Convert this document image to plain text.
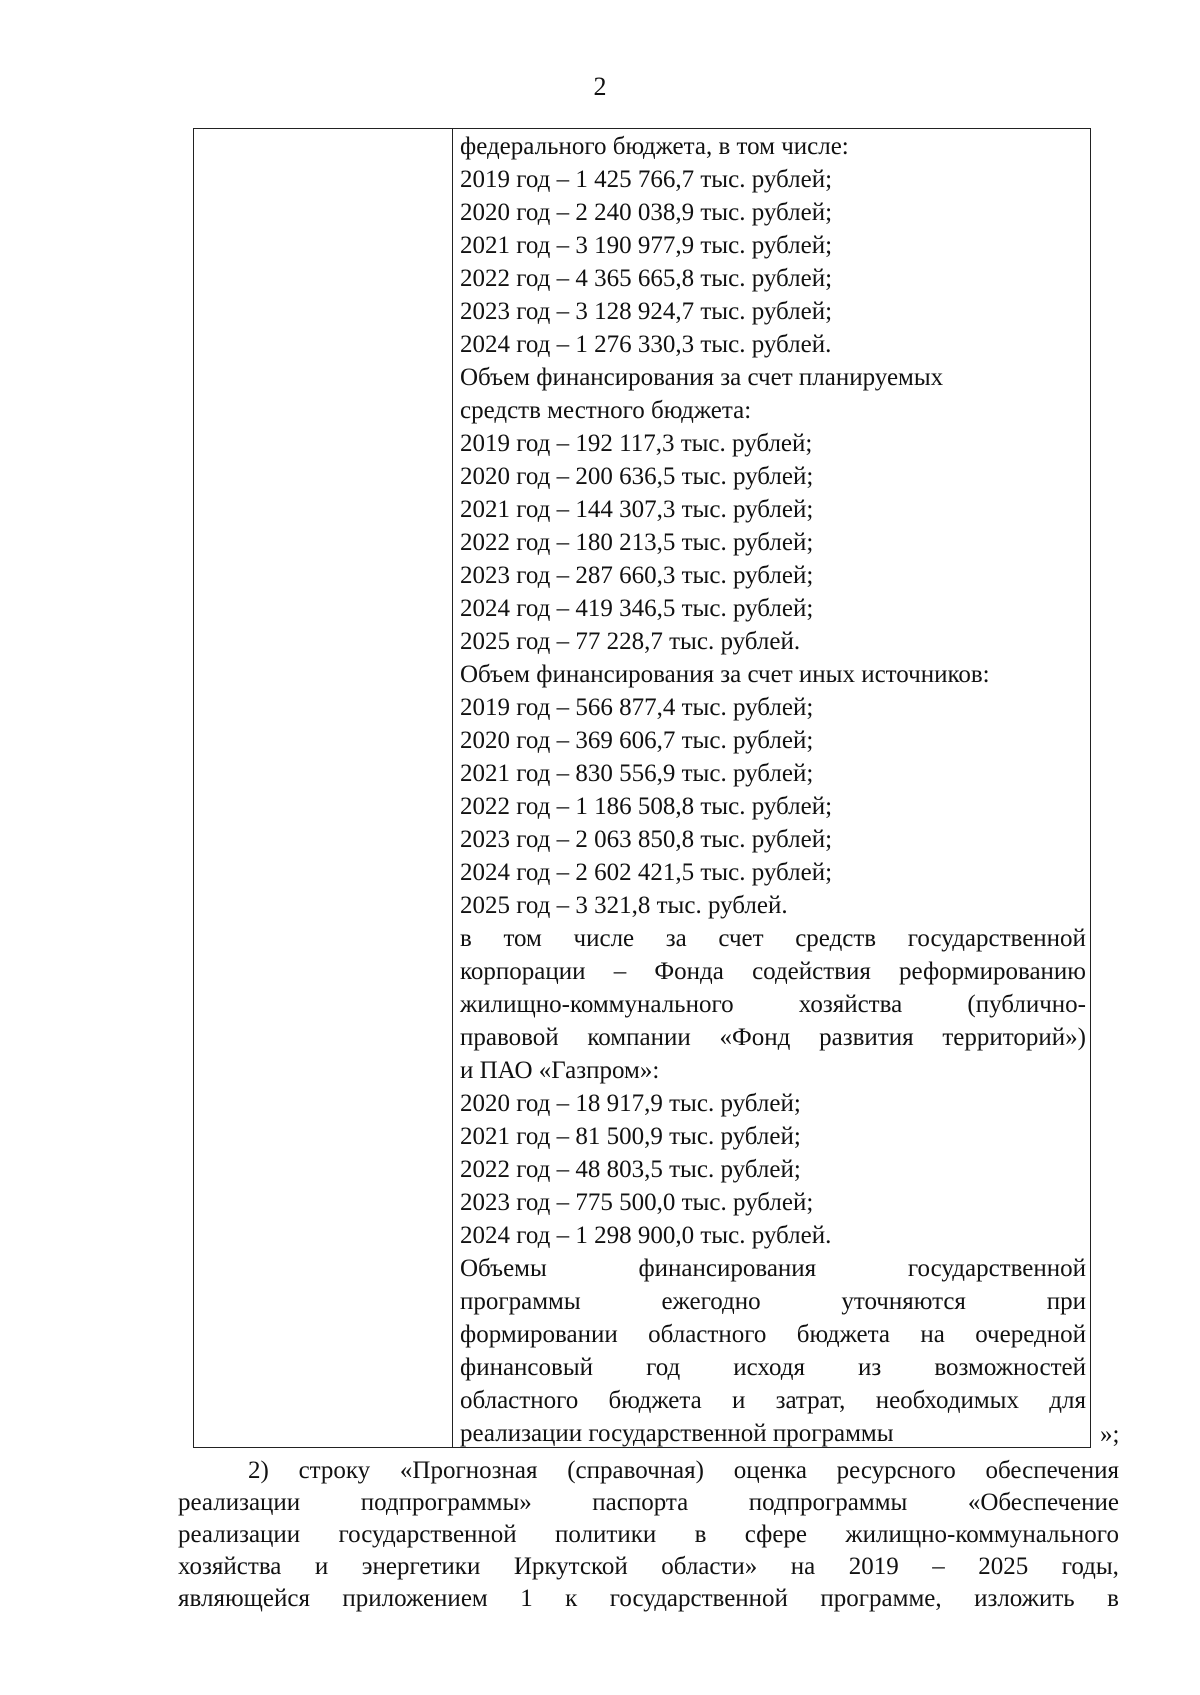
2
федерального бюджета, в том числе:
2019 год – 1 425 766,7 тыс. рублей;
2020 год – 2 240 038,9 тыс. рублей;
2021 год – 3 190 977,9 тыс. рублей;
2022 год – 4 365 665,8 тыс. рублей;
2023 год – 3 128 924,7 тыс. рублей;
2024 год – 1 276 330,3 тыс. рублей.
Объем финансирования за счет планируемых
средств местного бюджета:
2019 год – 192 117,3 тыс. рублей;
2020 год – 200 636,5 тыс. рублей;
2021 год – 144 307,3 тыс. рублей;
2022 год – 180 213,5 тыс. рублей;
2023 год – 287 660,3 тыс. рублей;
2024 год – 419 346,5 тыс. рублей;
2025 год – 77 228,7 тыс. рублей.
Объем финансирования за счет иных источников:
2019 год – 566 877,4 тыс. рублей;
2020 год – 369 606,7 тыс. рублей;
2021 год – 830 556,9 тыс. рублей;
2022 год – 1 186 508,8 тыс. рублей;
2023 год – 2 063 850,8 тыс. рублей;
2024 год – 2 602 421,5 тыс. рублей;
2025 год – 3 321,8 тыс. рублей.
в том числе за счет средств государственной
корпорации – Фонда содействия реформированию
жилищно-коммунального	хозяйства	(публично-
правовой компании «Фонд развития территорий»)
и ПАО «Газпром»:
2020 год – 18 917,9 тыс. рублей;
2021 год – 81 500,9 тыс. рублей;
2022 год – 48 803,5 тыс. рублей;
2023 год – 775 500,0 тыс. рублей;
2024 год – 1 298 900,0 тыс. рублей.
Объемы	финансирования	государственной
программы	ежегодно	уточняются	при
формировании областного бюджета на очередной
финансовый год исходя из возможностей
областного бюджета и затрат, необходимых для
реализации государственной программы	»;
2) строку «Прогнозная (справочная) оценка ресурсного обеспечения
реализации подпрограммы» паспорта подпрограммы «Обеспечение
реализации государственной политики в сфере жилищно-коммунального
хозяйства и энергетики Иркутской области» на 2019 – 2025 годы,
являющейся приложением 1 к государственной программе, изложить в
